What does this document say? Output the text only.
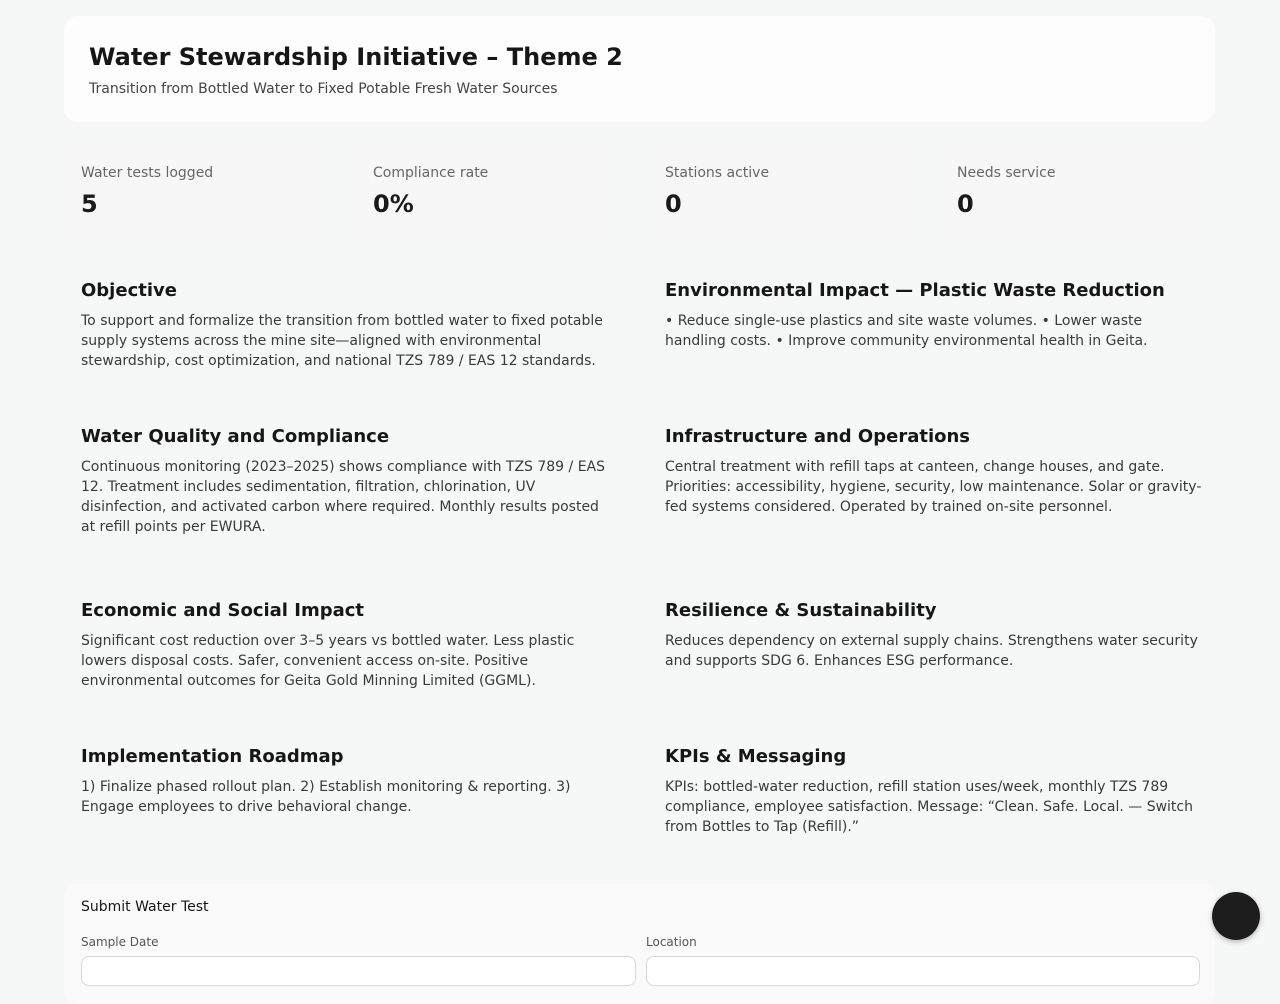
Water Stewardship Initiative – Theme 2
Transition from Bottled Water to Fixed Potable Fresh Water Sources
Water tests logged
5
Compliance rate
0%
Stations active
0
Needs service
0
Objective

To support and formalize the transition from bottled water to fixed potable supply systems across the mine site—aligned with environmental stewardship, cost optimization, and national TZS 789 / EAS 12 standards.

Environmental Impact — Plastic Waste Reduction

• Reduce single-use plastics and site waste volumes. • Lower waste handling costs. • Improve community environmental health in Geita.

Water Quality and Compliance

Continuous monitoring (2023–2025) shows compliance with TZS 789 / EAS 12. Treatment includes sedimentation, filtration, chlorination, UV disinfection, and activated carbon where required. Monthly results posted at refill points per EWURA.

Infrastructure and Operations

Central treatment with refill taps at canteen, change houses, and gate. Priorities: accessibility, hygiene, security, low maintenance. Solar or gravity-fed systems considered. Operated by trained on-site personnel.

Economic and Social Impact

Significant cost reduction over 3–5 years vs bottled water. Less plastic lowers disposal costs. Safer, convenient access on-site. Positive environmental outcomes for Geita Gold Minning Limited (GGML).

Resilience & Sustainability

Reduces dependency on external supply chains. Strengthens water security and supports SDG 6. Enhances ESG performance.

Implementation Roadmap

1) Finalize phased rollout plan. 2) Establish monitoring & reporting. 3) Engage employees to drive behavioral change.

KPIs & Messaging

KPIs: bottled-water reduction, refill station uses/week, monthly TZS 789 compliance, employee satisfaction. Message: “Clean. Safe. Local. — Switch from Bottles to Tap (Refill).”

Submit Water Test
Sample Date	Location
